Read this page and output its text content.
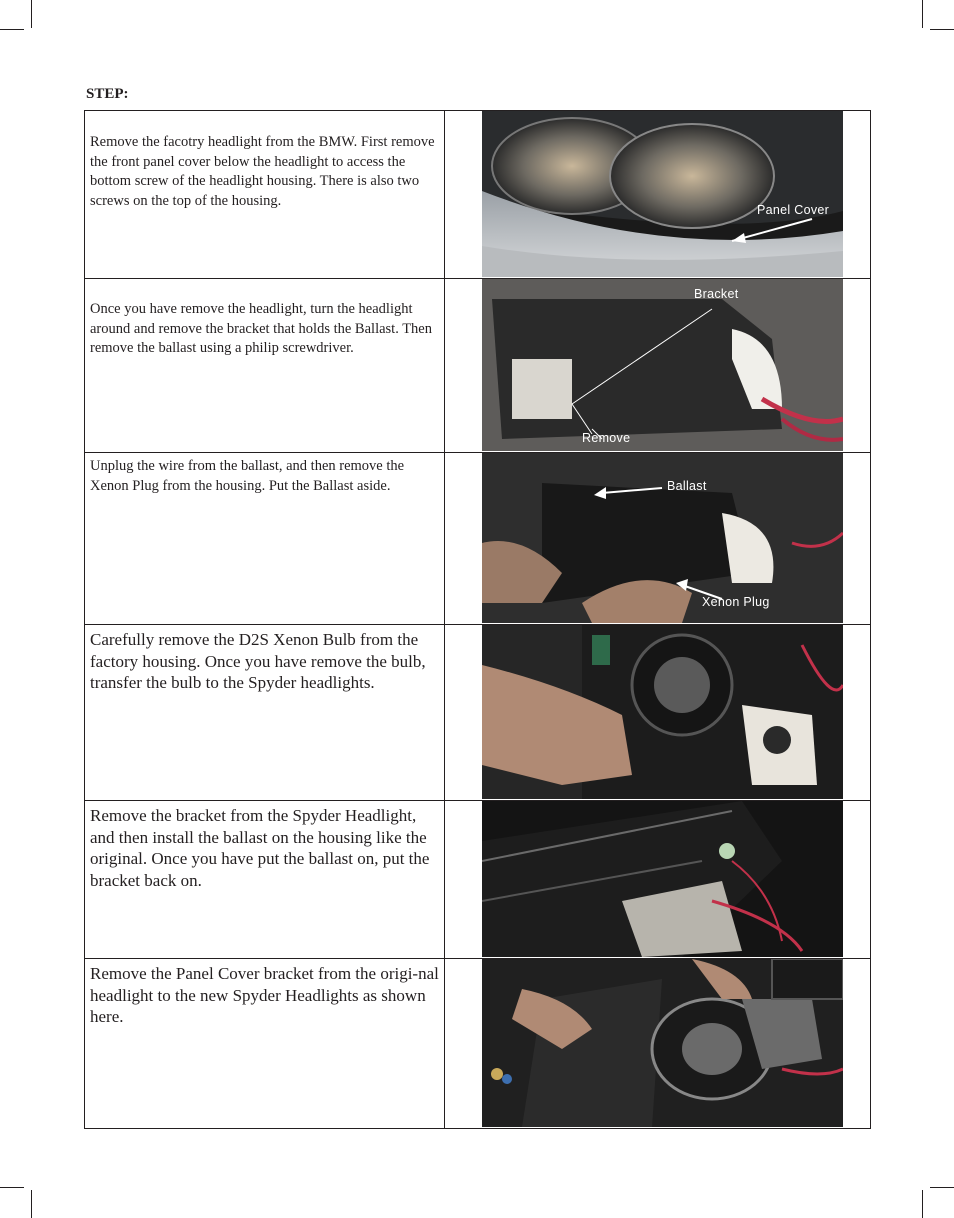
STEP:
Remove the facotry headlight from the BMW. First remove the front panel cover below the headlight to access the bottom screw of the headlight housing. There is also two screws on the top of the housing.	Panel Cover

Once you have remove the headlight, turn the headlight around and remove the bracket that holds the Ballast. Then remove the ballast using a philip screwdriver.	Bracket
Remove

Unplug the wire from the ballast, and then remove the Xenon Plug from the housing. Put the Ballast aside.	Ballast
Xenon Plug

Carefully remove the D2S Xenon Bulb from the factory housing. Once you have remove the bulb, transfer the bulb to the Spyder headlights.

Remove the bracket from the Spyder Headlight, and then install the ballast on the housing like the original. Once you have put the ballast on, put the bracket back on.

Remove the Panel Cover bracket from the origi-nal headlight to the new Spyder Headlights as shown here.
